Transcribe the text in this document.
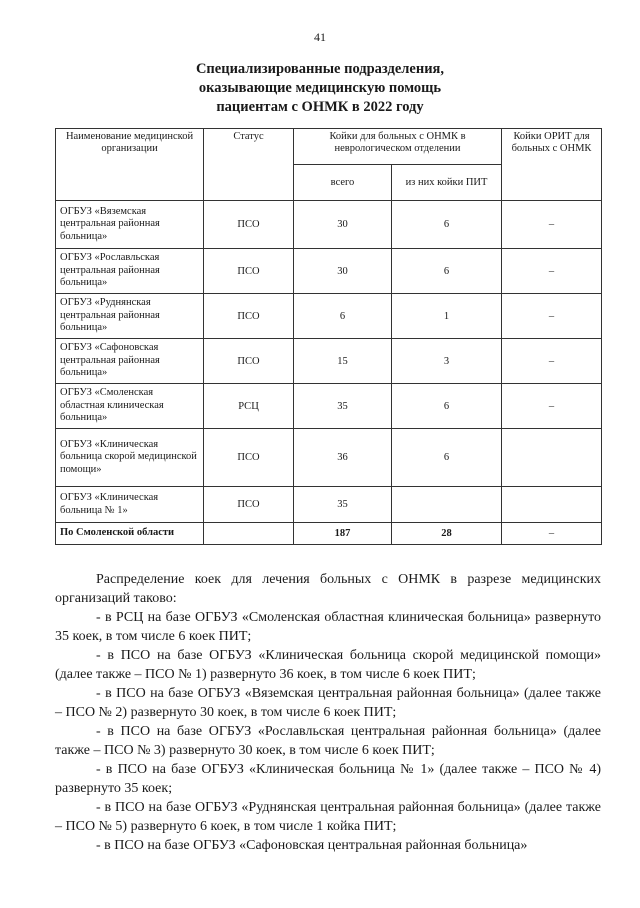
41
Специализированные подразделения,
оказывающие медицинскую помощь
пациентам с ОНМК в 2022 году
Наименование медицинской организации	Статус	Койки для больных с ОНМК в неврологическом отделении		Койки ОРИТ для больных с ОНМК
		всего	из них койки ПИТ	
ОГБУЗ «Вяземская центральная районная больница»	ПСО	30	6	–
ОГБУЗ «Рославльская центральная районная больница»	ПСО	30	6	–
ОГБУЗ «Руднянская центральная районная больница»	ПСО	6	1	–
ОГБУЗ «Сафоновская центральная районная больница»	ПСО	15	3	–
ОГБУЗ «Смоленская областная клиническая больница»	РСЦ	35	6	–
ОГБУЗ «Клиническая больница скорой медицинской помощи»	ПСО	36	6	
ОГБУЗ «Клиническая больница № 1»	ПСО	35		
По Смоленской области		187	28	–

Распределение коек для лечения больных с ОНМК в разрезе медицинских организаций таково:

- в РСЦ на базе ОГБУЗ «Смоленская областная клиническая больница» развернуто 35 коек, в том числе 6 коек ПИТ;

- в ПСО на базе ОГБУЗ «Клиническая больница скорой медицинской помощи» (далее также – ПСО № 1) развернуто 36 коек, в том числе 6 коек ПИТ;

- в ПСО на базе ОГБУЗ «Вяземская центральная районная больница» (далее также – ПСО № 2) развернуто 30 коек, в том числе 6 коек ПИТ;

- в ПСО на базе ОГБУЗ «Рославльская центральная районная больница» (далее также – ПСО № 3) развернуто 30 коек, в том числе 6 коек ПИТ;

- в ПСО на базе ОГБУЗ «Клиническая больница № 1» (далее также – ПСО № 4) развернуто 35 коек;

- в ПСО на базе ОГБУЗ «Руднянская центральная районная больница» (далее также – ПСО № 5) развернуто 6 коек, в том числе 1 койка ПИТ;

- в ПСО на базе ОГБУЗ «Сафоновская центральная районная больница»
